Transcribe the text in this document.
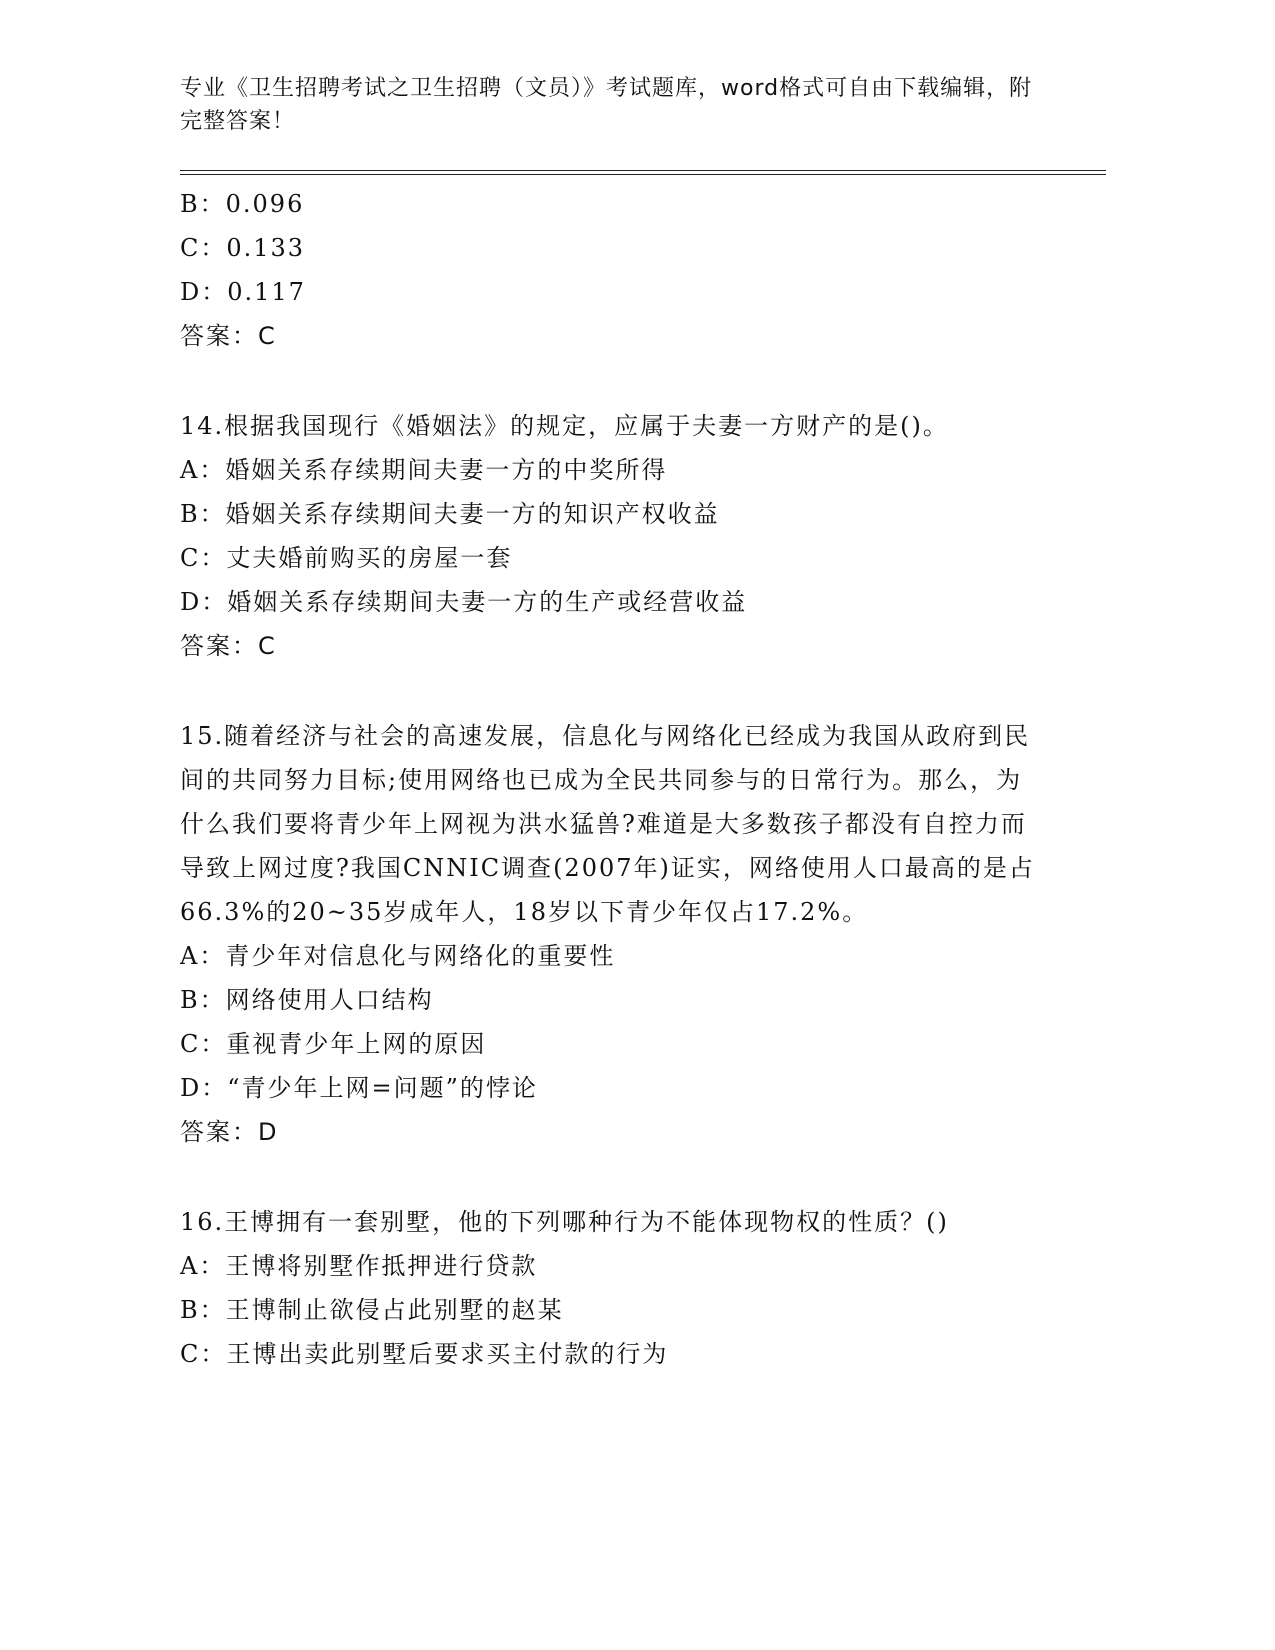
专业《卫生招聘考试之卫生招聘（文员）》考试题库，word格式可自由下载编辑，附完整答案！
B：0.096
C：0.133
D：0.117
答案：C
14.根据我国现行《婚姻法》的规定，应属于夫妻一方财产的是()。
A：婚姻关系存续期间夫妻一方的中奖所得
B：婚姻关系存续期间夫妻一方的知识产权收益
C：丈夫婚前购买的房屋一套
D：婚姻关系存续期间夫妻一方的生产或经营收益
答案：C
15.随着经济与社会的高速发展，信息化与网络化已经成为我国从政府到民间的共同努力目标;使用网络也已成为全民共同参与的日常行为。那么，为什么我们要将青少年上网视为洪水猛兽?难道是大多数孩子都没有自控力而导致上网过度?我国CNNIC调查(2007年)证实，网络使用人口最高的是占66.3%的20~35岁成年人，18岁以下青少年仅占17.2%。
A：青少年对信息化与网络化的重要性
B：网络使用人口结构
C：重视青少年上网的原因
D：“青少年上网=问题”的悖论
答案：D
16.王博拥有一套别墅，他的下列哪种行为不能体现物权的性质？()
A：王博将别墅作抵押进行贷款
B：王博制止欲侵占此别墅的赵某
C：王博出卖此别墅后要求买主付款的行为
